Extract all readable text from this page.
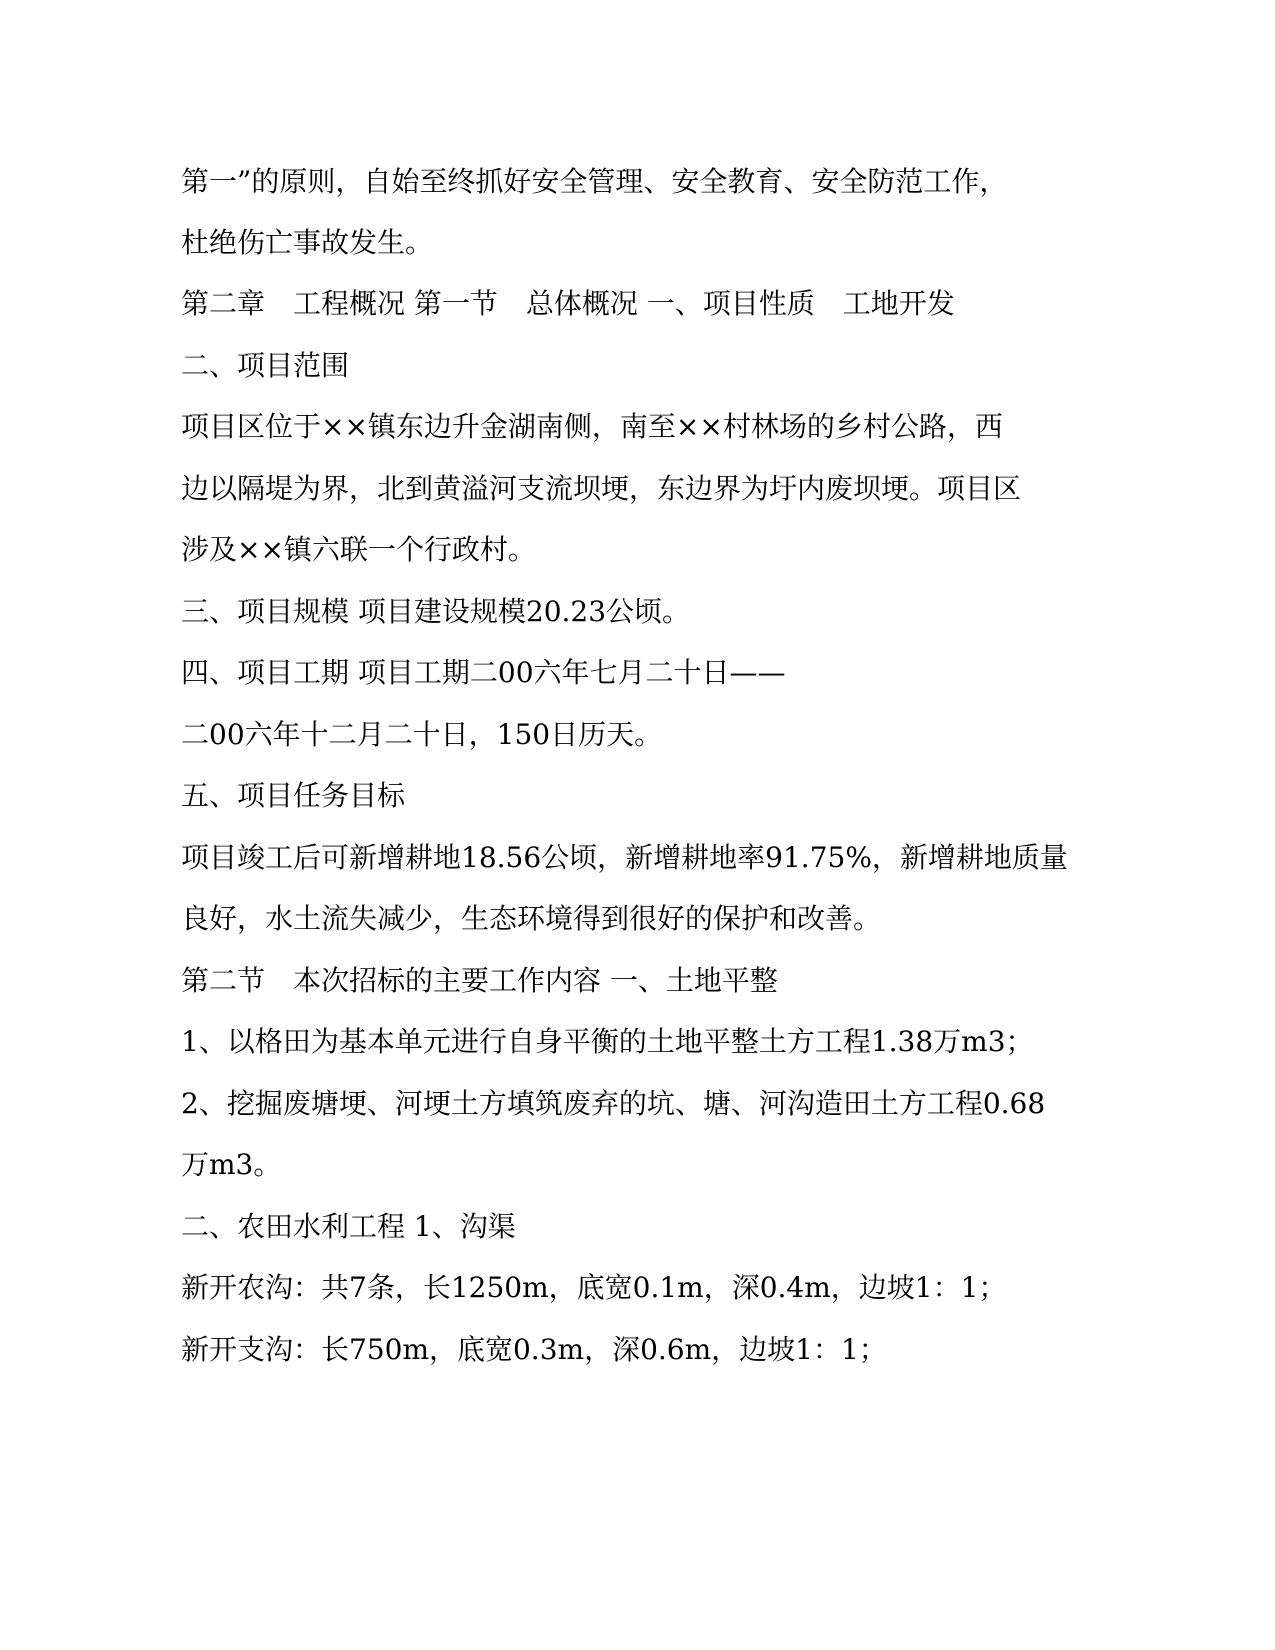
第一”的原则，自始至终抓好安全管理、安全教育、安全防范工作，
杜绝伤亡事故发生。
第二章　工程概况 第一节　总体概况 一、项目性质　工地开发
二、项目范围
项目区位于××镇东边升金湖南侧，南至××村林场的乡村公路，西
边以隔堤为界，北到黄溢河支流坝埂，东边界为圩内废坝埂。项目区
涉及××镇六联一个行政村。
三、项目规模 项目建设规模20.23公顷。
四、项目工期 项目工期二00六年七月二十日——
二00六年十二月二十日，150日历天。
五、项目任务目标
项目竣工后可新增耕地18.56公顷，新增耕地率91.75%，新增耕地质量
良好，水土流失减少，生态环境得到很好的保护和改善。
第二节　本次招标的主要工作内容 一、土地平整
1、以格田为基本单元进行自身平衡的土地平整土方工程1.38万m3；
2、挖掘废塘埂、河埂土方填筑废弃的坑、塘、河沟造田土方工程0.68
万m3。
二、农田水利工程 1、沟渠
新开农沟：共7条，长1250m，底宽0.1m，深0.4m，边坡1：1；
新开支沟：长750m，底宽0.3m，深0.6m，边坡1：1；
